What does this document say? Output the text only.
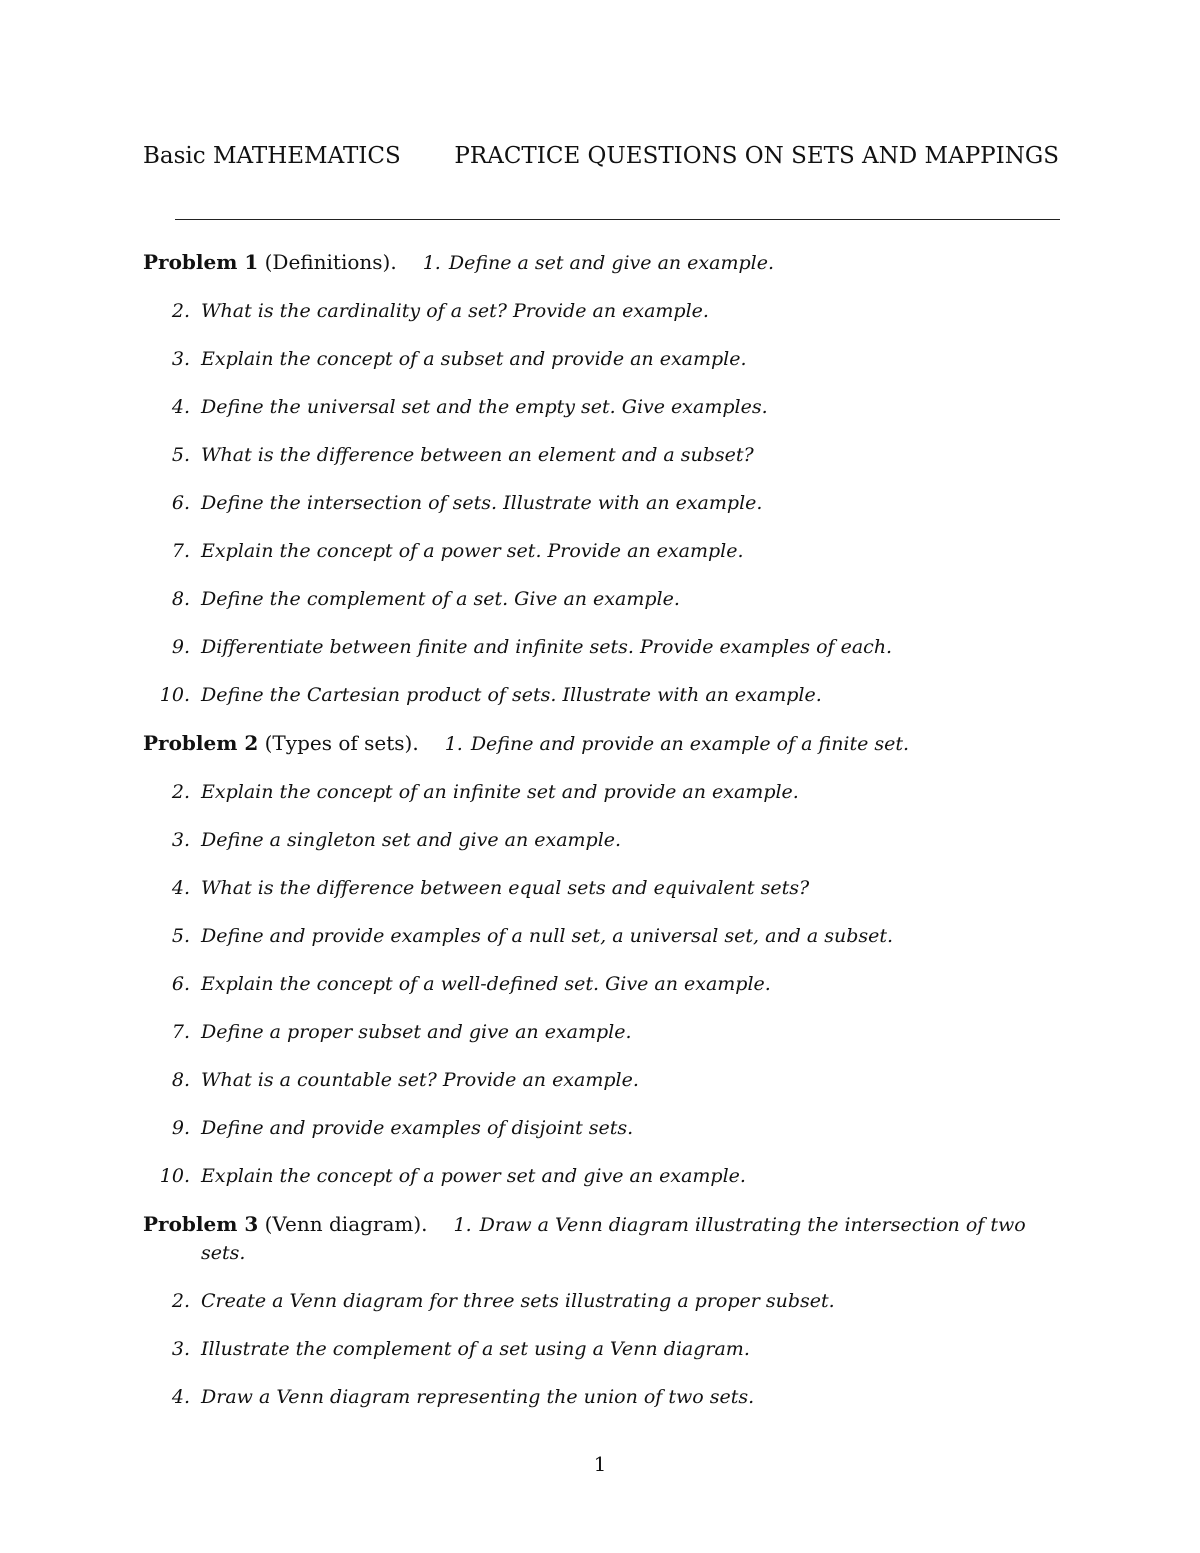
Basic MATHEMATICS PRACTICE QUESTIONS ON SETS AND MAPPINGS
Problem 1 (Definitions). 1. Define a set and give an example.
2. What is the cardinality of a set? Provide an example.
3. Explain the concept of a subset and provide an example.
4. Define the universal set and the empty set. Give examples.
5. What is the difference between an element and a subset?
6. Define the intersection of sets. Illustrate with an example.
7. Explain the concept of a power set. Provide an example.
8. Define the complement of a set. Give an example.
9. Differentiate between finite and infinite sets. Provide examples of each.
10. Define the Cartesian product of sets. Illustrate with an example.
Problem 2 (Types of sets). 1. Define and provide an example of a finite set.
2. Explain the concept of an infinite set and provide an example.
3. Define a singleton set and give an example.
4. What is the difference between equal sets and equivalent sets?
5. Define and provide examples of a null set, a universal set, and a subset.
6. Explain the concept of a well-defined set. Give an example.
7. Define a proper subset and give an example.
8. What is a countable set? Provide an example.
9. Define and provide examples of disjoint sets.
10. Explain the concept of a power set and give an example.
Problem 3 (Venn diagram). 1. Draw a Venn diagram illustrating the intersection of two
sets.
2. Create a Venn diagram for three sets illustrating a proper subset.
3. Illustrate the complement of a set using a Venn diagram.
4. Draw a Venn diagram representing the union of two sets.
1
